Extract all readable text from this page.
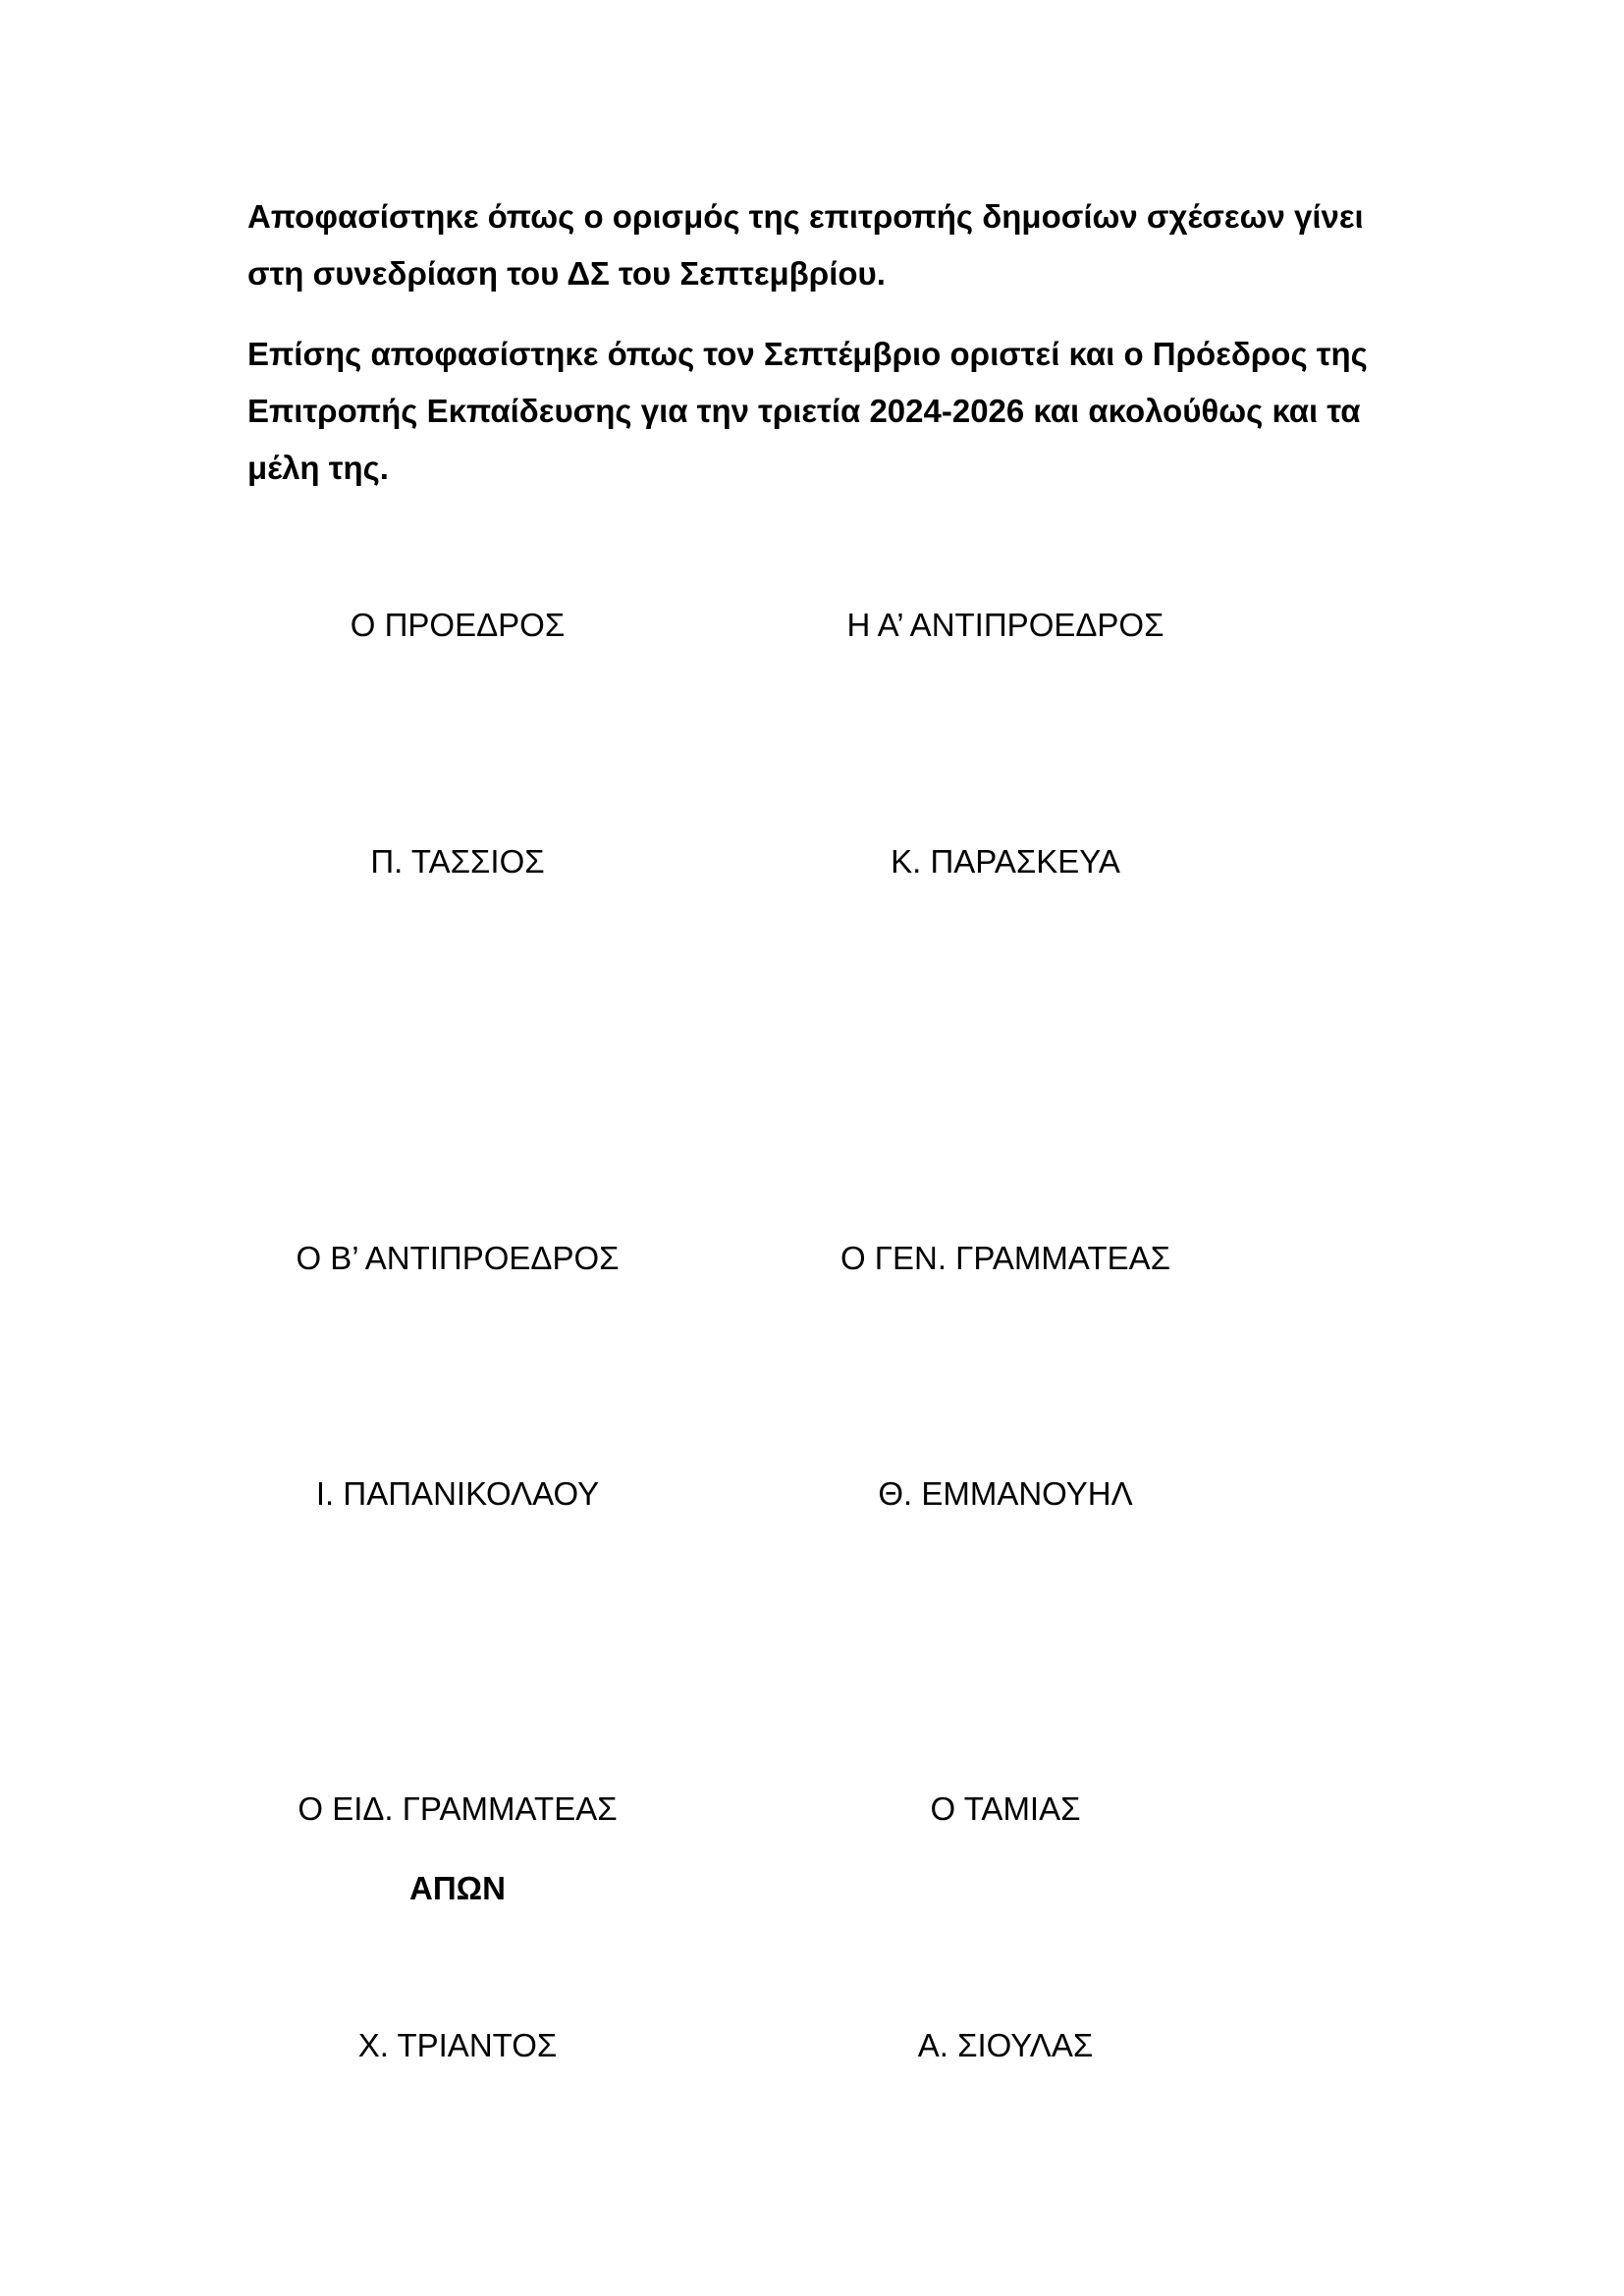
Αποφασίστηκε όπως ο ορισμός της επιτροπής δημοσίων σχέσεων γίνει
στη συνεδρίαση του ΔΣ του Σεπτεμβρίου.

Επίσης αποφασίστηκε όπως τον Σεπτέμβριο οριστεί και ο Πρόεδρος της
Επιτροπής Εκπαίδευσης για την τριετία 2024-2026 και ακολούθως και τα
μέλη της.

Ο ΠΡΟΕΔΡΟΣ	Η Α’ ΑΝΤΙΠΡΟΕΔΡΟΣ
Π. ΤΑΣΣΙΟΣ	Κ. ΠΑΡΑΣΚΕΥΑ
Ο Β’ ΑΝΤΙΠΡΟΕΔΡΟΣ	Ο ΓΕΝ. ΓΡΑΜΜΑΤΕΑΣ
Ι. ΠΑΠΑΝΙΚΟΛΑΟΥ	Θ. ΕΜΜΑΝΟΥΗΛ
Ο ΕΙΔ. ΓΡΑΜΜΑΤΕΑΣ	Ο ΤΑΜΙΑΣ
ΑΠΩΝ
Χ. ΤΡΙΑΝΤΟΣ	Α. ΣΙΟΥΛΑΣ
